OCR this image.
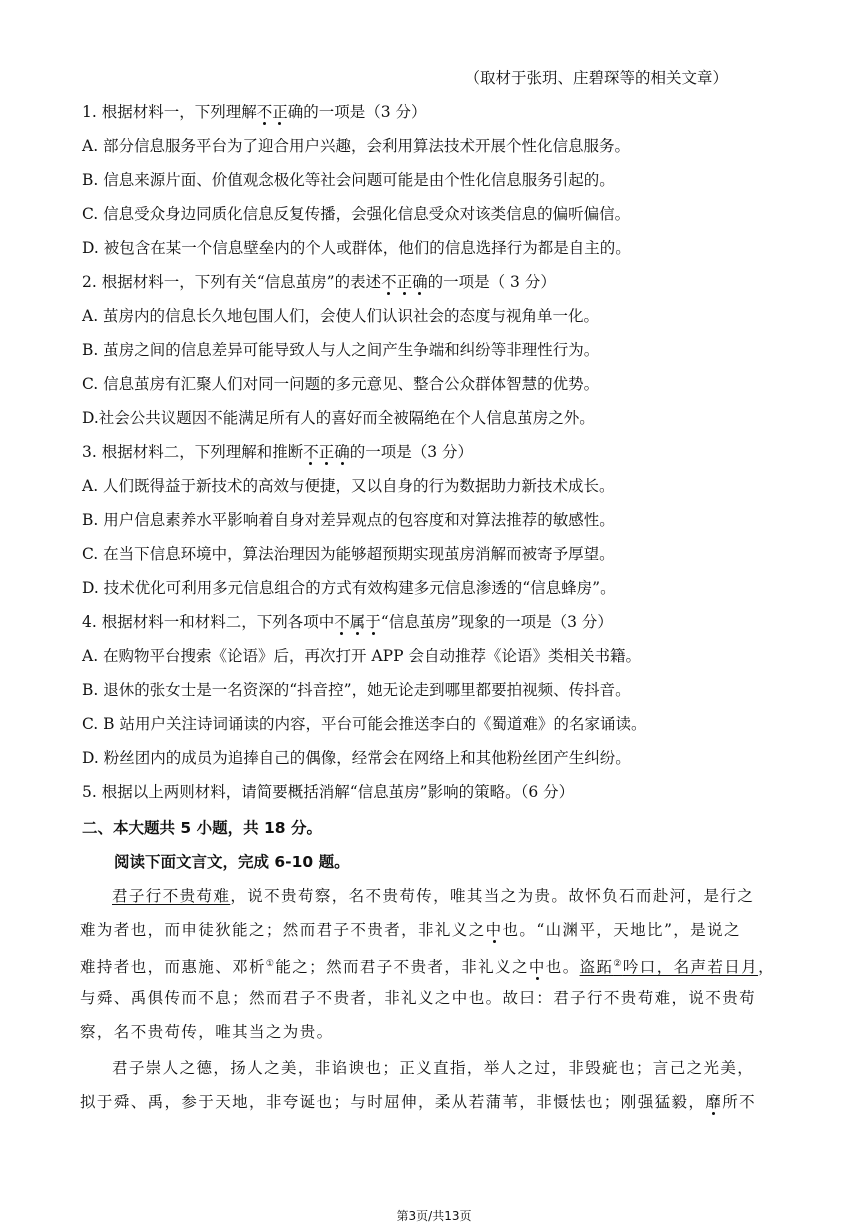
（取材于张玥、庄碧琛等的相关文章）
1. 根据材料一，下列理解不正确的一项是（3 分）
A. 部分信息服务平台为了迎合用户兴趣，会利用算法技术开展个性化信息服务。
B. 信息来源片面、价值观念极化等社会问题可能是由个性化信息服务引起的。
C. 信息受众身边同质化信息反复传播，会强化信息受众对该类信息的偏听偏信。
D. 被包含在某一个信息壁垒内的个人或群体，他们的信息选择行为都是自主的。
2. 根据材料一，下列有关“信息茧房”的表述不正确的一项是（ 3 分）
A. 茧房内的信息长久地包围人们，会使人们认识社会的态度与视角单一化。
B. 茧房之间的信息差异可能导致人与人之间产生争端和纠纷等非理性行为。
C. 信息茧房有汇聚人们对同一问题的多元意见、整合公众群体智慧的优势。
D.社会公共议题因不能满足所有人的喜好而全被隔绝在个人信息茧房之外。
3. 根据材料二，下列理解和推断不正确的一项是（3 分）
A. 人们既得益于新技术的高效与便捷，又以自身的行为数据助力新技术成长。
B. 用户信息素养水平影响着自身对差异观点的包容度和对算法推荐的敏感性。
C. 在当下信息环境中，算法治理因为能够超预期实现茧房消解而被寄予厚望。
D. 技术优化可利用多元信息组合的方式有效构建多元信息渗透的“信息蜂房”。
4. 根据材料一和材料二，下列各项中不属于“信息茧房”现象的一项是（3 分）
A. 在购物平台搜索《论语》后，再次打开 APP 会自动推荐《论语》类相关书籍。
B. 退休的张女士是一名资深的“抖音控”，她无论走到哪里都要拍视频、传抖音。
C. B 站用户关注诗词诵读的内容，平台可能会推送李白的《蜀道难》的名家诵读。
D. 粉丝团内的成员为追捧自己的偶像，经常会在网络上和其他粉丝团产生纠纷。
5. 根据以上两则材料，请简要概括消解“信息茧房”影响的策略。（6 分）
二、本大题共 5 小题，共 18 分。
阅读下面文言文，完成 6-10 题。
君子行不贵苟难，说不贵苟察，名不贵苟传，唯其当之为贵。故怀负石而赴河，是行之
难为者也，而申徒狄能之；然而君子不贵者，非礼义之中也。“山渊平，天地比”，是说之
难持者也，而惠施、邓析①能之；然而君子不贵者，非礼义之中也。盗跖②吟口，名声若日月，
与舜、禹俱传而不息；然而君子不贵者，非礼义之中也。故曰：君子行不贵苟难，说不贵苟
察，名不贵苟传，唯其当之为贵。
君子崇人之德，扬人之美，非谄谀也；正义直指，举人之过，非毁疵也；言己之光美，
拟于舜、禹，参于天地，非夸诞也；与时屈伸，柔从若蒲苇，非慑怯也；刚强猛毅，靡所不
第3页/共13页
